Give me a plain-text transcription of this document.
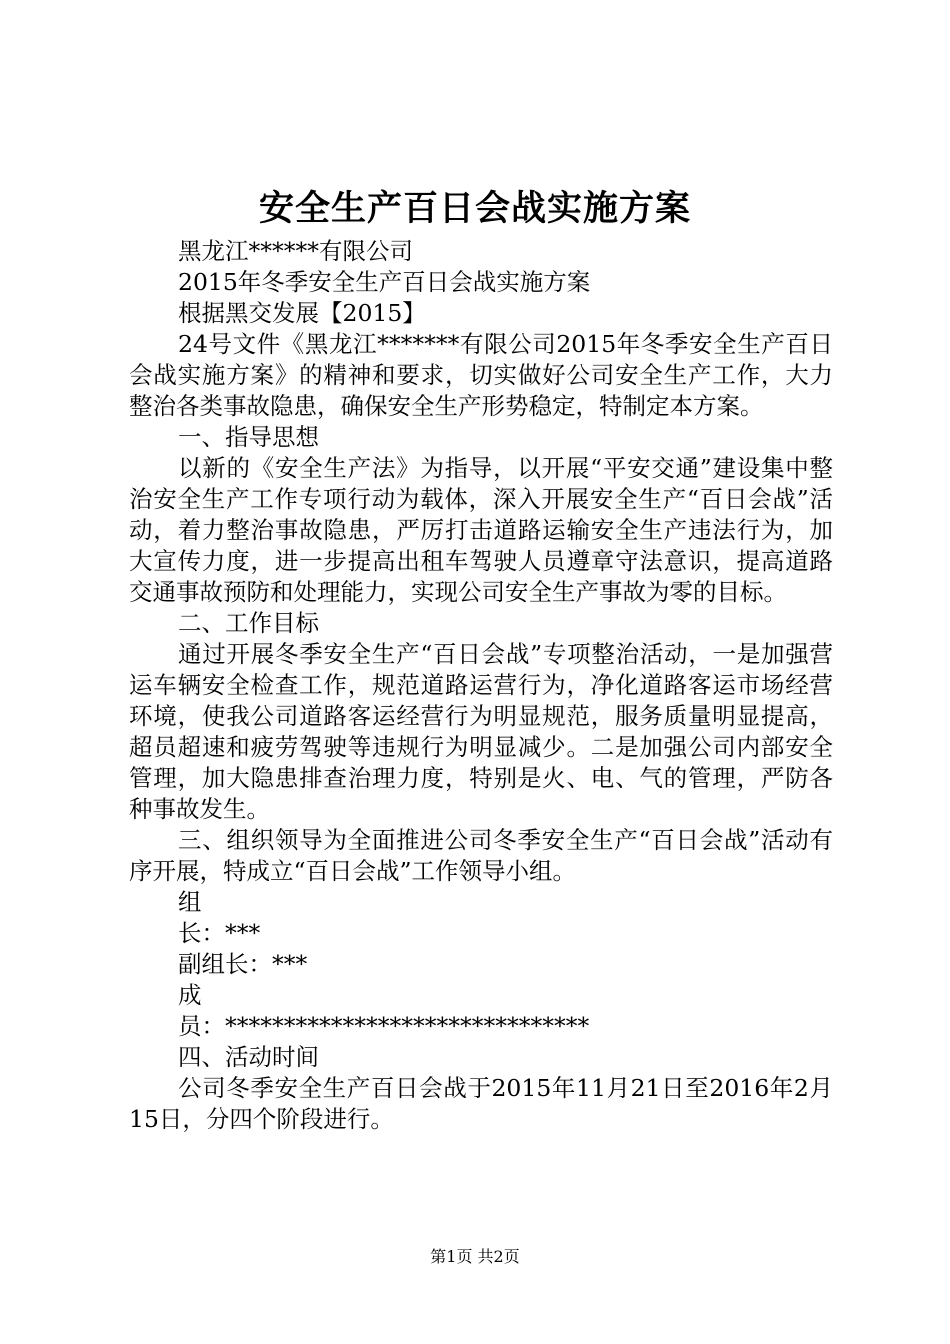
安全生产百日会战实施方案

黑龙江******有限公司

2015年冬季安全生产百日会战实施方案

根据黑交发展【2015】

24号文件《黑龙江*******有限公司2015年冬季安全生产百日会战实施方案》的精神和要求，切实做好公司安全生产工作，大力整治各类事故隐患，确保安全生产形势稳定，特制定本方案。

一、指导思想

以新的《安全生产法》为指导，以开展“平安交通”建设集中整治安全生产工作专项行动为载体，深入开展安全生产“百日会战”活动，着力整治事故隐患，严厉打击道路运输安全生产违法行为，加大宣传力度，进一步提高出租车驾驶人员遵章守法意识，提高道路交通事故预防和处理能力，实现公司安全生产事故为零的目标。

二、工作目标

通过开展冬季安全生产“百日会战”专项整治活动，一是加强营运车辆安全检查工作，规范道路运营行为，净化道路客运市场经营环境，使我公司道路客运经营行为明显规范，服务质量明显提高，超员超速和疲劳驾驶等违规行为明显减少。二是加强公司内部安全管理，加大隐患排查治理力度，特别是火、电、气的管理，严防各种事故发生。

三、组织领导为全面推进公司冬季安全生产“百日会战”活动有序开展，特成立“百日会战”工作领导小组。

组

长：***

副组长：***

成

员：*******************************

四、活动时间

公司冬季安全生产百日会战于2015年11月21日至2016年2月15日，分四个阶段进行。

第1页 共2页
